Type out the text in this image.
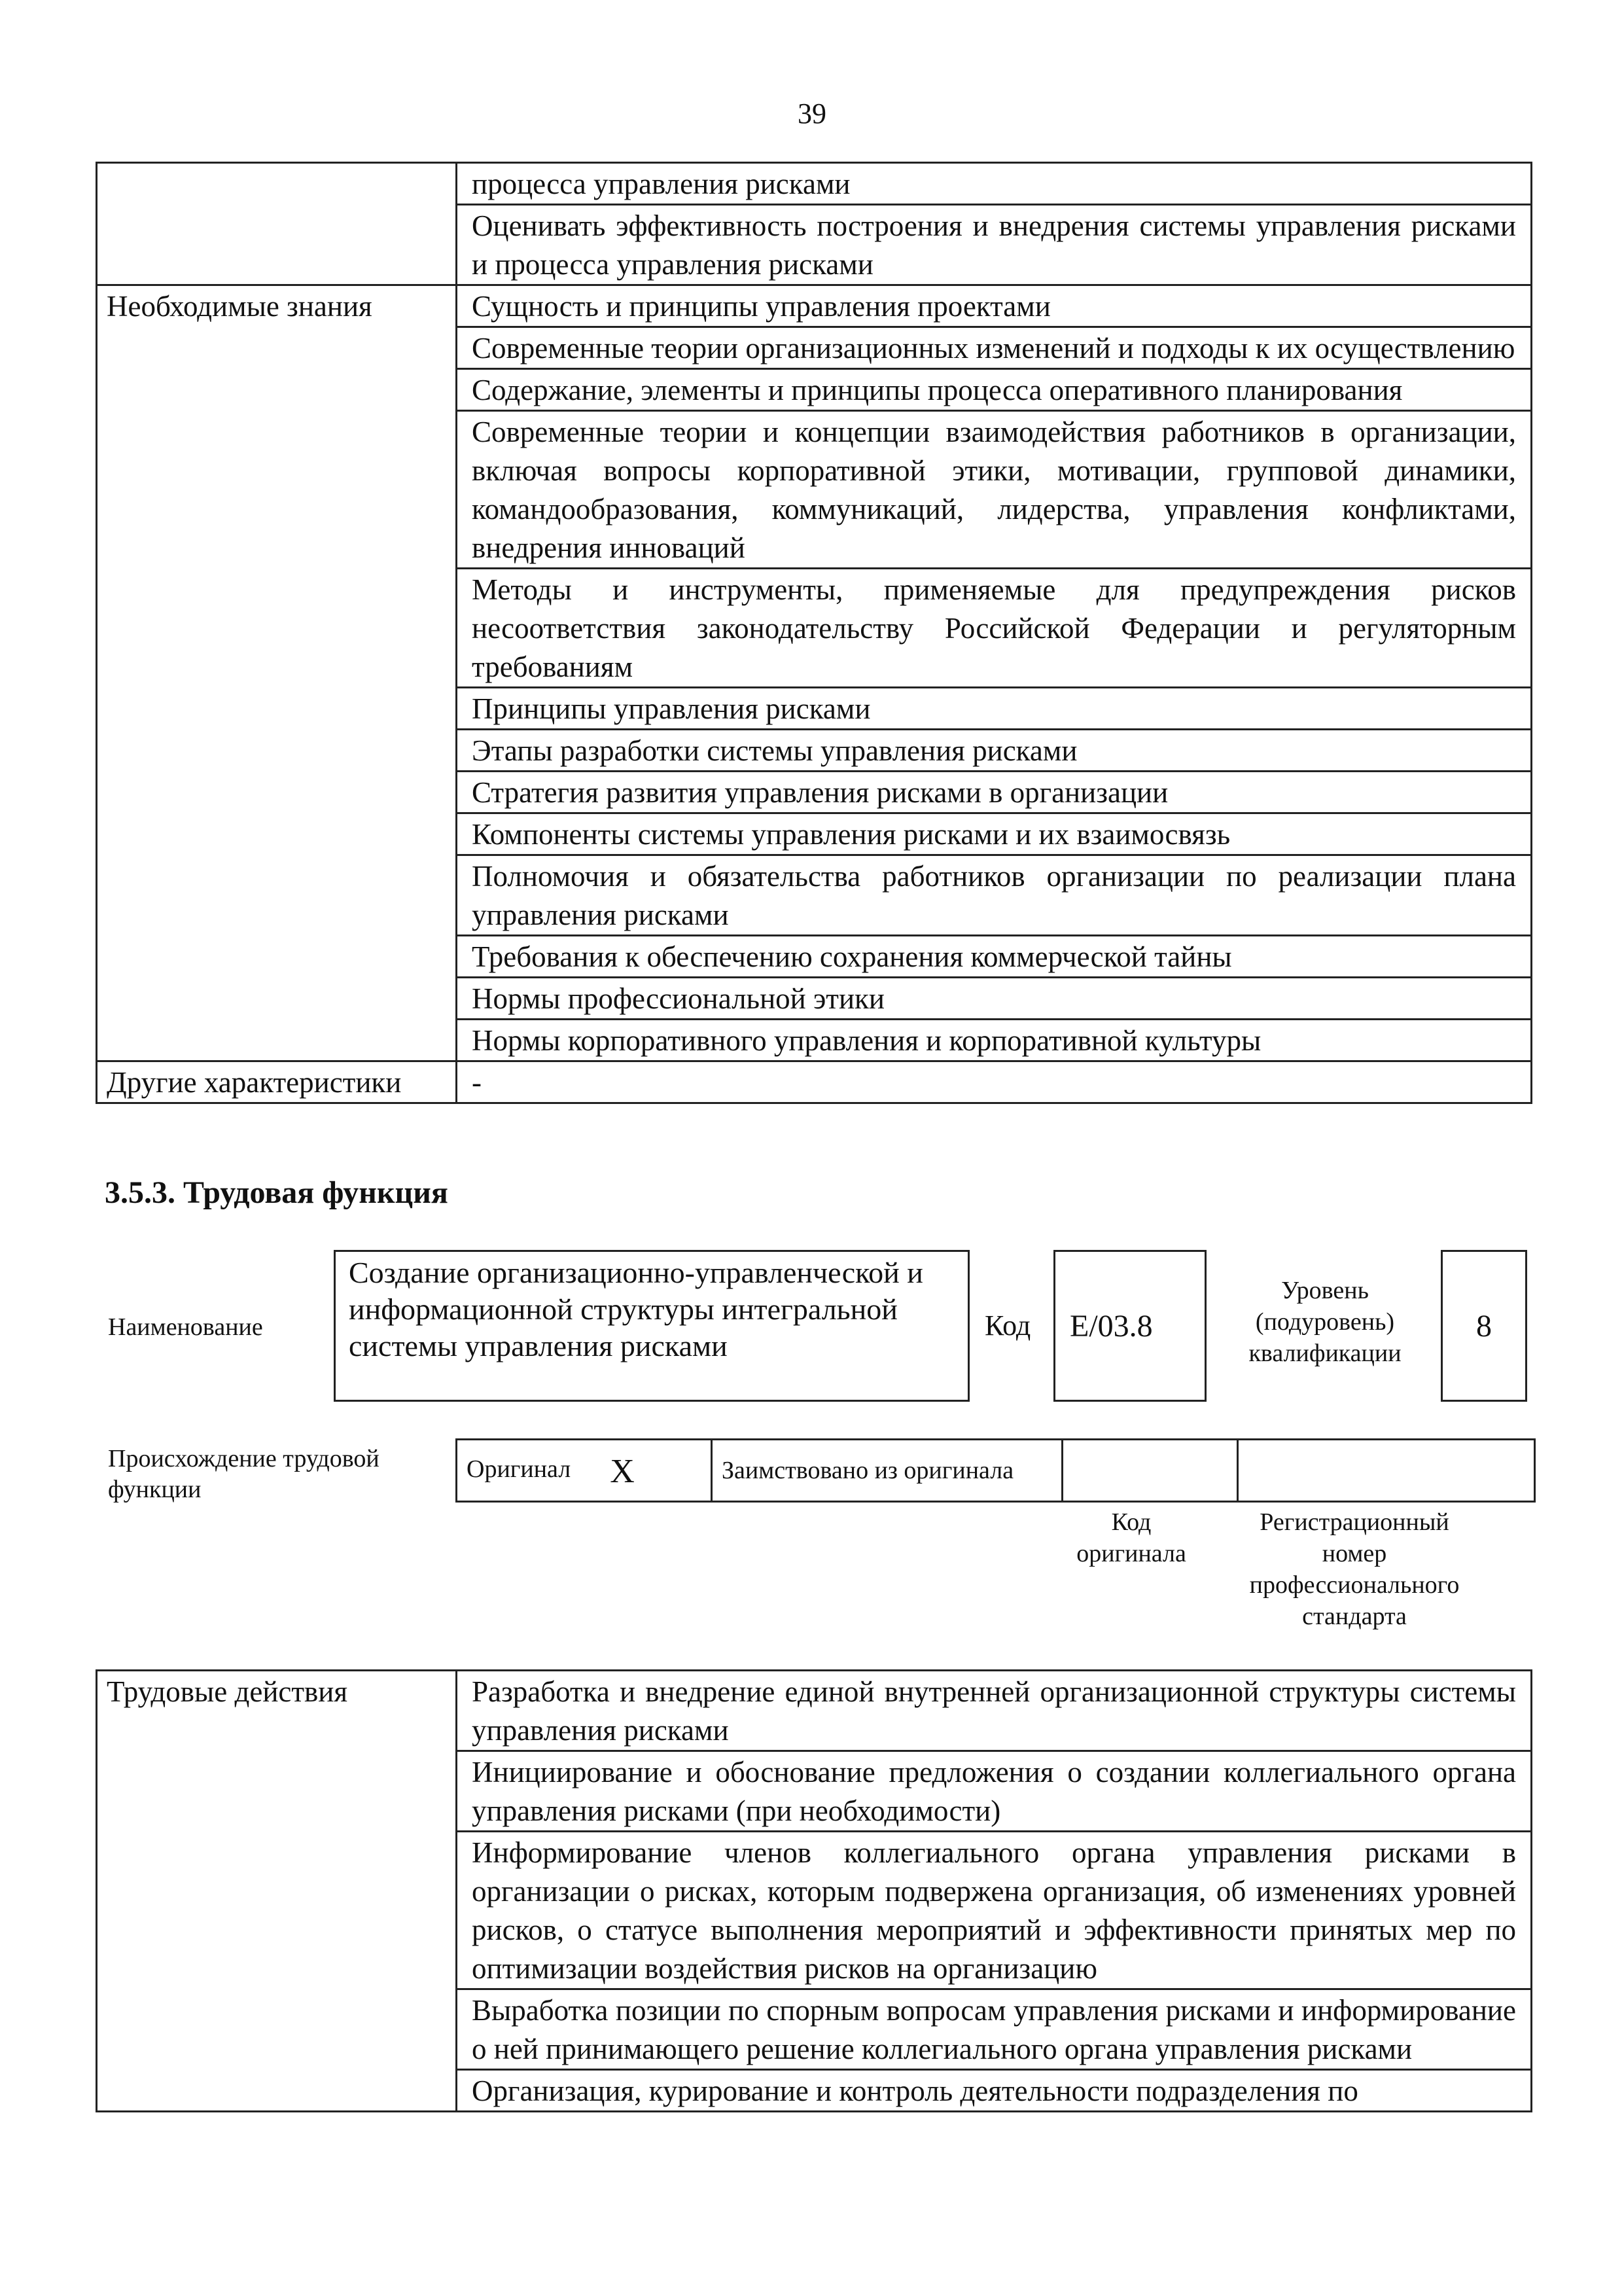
39
	процесса управления рисками
	Оценивать эффективность построения и внедрения системы управления рисками и процесса управления рисками
Необходимые знания	Сущность и принципы управления проектами
	Современные теории организационных изменений и подходы к их осуществлению
	Содержание, элементы и принципы процесса оперативного планирования
	Современные теории и концепции взаимодействия работников в организации, включая вопросы корпоративной этики, мотивации, групповой динамики, командообразования, коммуникаций, лидерства, управления конфликтами, внедрения инноваций
	Методы и инструменты, применяемые для предупреждения рисков несоответствия законодательству Российской Федерации и регуляторным требованиям
	Принципы управления рисками
	Этапы разработки системы управления рисками
	Стратегия развития управления рисками в организации
	Компоненты системы управления рисками и их взаимосвязь
	Полномочия и обязательства работников организации по реализации плана управления рисками
	Требования к обеспечению сохранения коммерческой тайны
	Нормы профессиональной этики
	Нормы корпоративного управления и корпоративной культуры
Другие характеристики	-
3.5.3. Трудовая функция
Наименование
Создание организационно-управленческой и информационной структуры интегральной системы управления рисками
Код	E/03.8
Уровень (подуровень) квалификации
8
Происхождение трудовой функции
Оригинал X	Заимствовано из оригинала		
Код оригинала
Регистрационный номер профессионального стандарта
Трудовые действия	Разработка и внедрение единой внутренней организационной структуры системы управления рисками
Инициирование и обоснование предложения о создании коллегиального органа управления рисками (при необходимости)
Информирование членов коллегиального органа управления рисками в организации о рисках, которым подвержена организация, об изменениях уровней рисков, о статусе выполнения мероприятий и эффективности принятых мер по оптимизации воздействия рисков на организацию
Выработка позиции по спорным вопросам управления рисками и информирование о ней принимающего решение коллегиального органа управления рисками
Организация, курирование и контроль деятельности подразделения по
